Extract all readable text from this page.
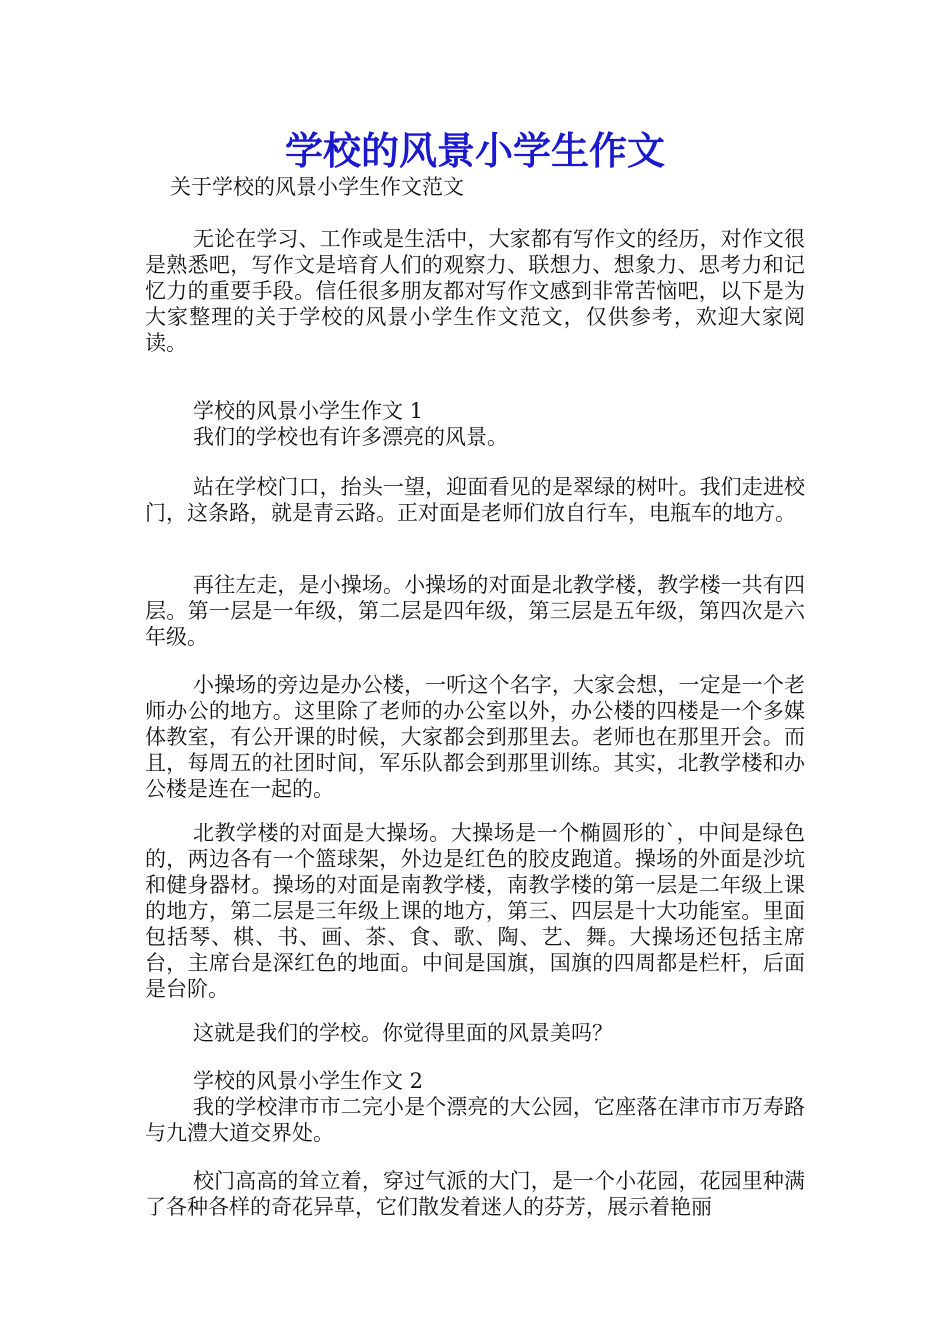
学校的风景小学生作文

关于学校的风景小学生作文范文

无论在学习、工作或是生活中，大家都有写作文的经历，对作文很是熟悉吧，写作文是培育人们的观察力、联想力、想象力、思考力和记忆力的重要手段。信任很多朋友都对写作文感到非常苦恼吧，以下是为大家整理的关于学校的风景小学生作文范文，仅供参考，欢迎大家阅读。

学校的风景小学生作文 1

我们的学校也有许多漂亮的风景。

站在学校门口，抬头一望，迎面看见的是翠绿的树叶。我们走进校门，这条路，就是青云路。正对面是老师们放自行车，电瓶车的地方。

再往左走，是小操场。小操场的对面是北教学楼，教学楼一共有四层。第一层是一年级，第二层是四年级，第三层是五年级，第四次是六年级。

小操场的旁边是办公楼，一听这个名字，大家会想，一定是一个老师办公的地方。这里除了老师的办公室以外，办公楼的四楼是一个多媒体教室，有公开课的时候，大家都会到那里去。老师也在那里开会。而且，每周五的社团时间，军乐队都会到那里训练。其实，北教学楼和办公楼是连在一起的。

北教学楼的对面是大操场。大操场是一个椭圆形的`，中间是绿色的，两边各有一个篮球架，外边是红色的胶皮跑道。操场的外面是沙坑和健身器材。操场的对面是南教学楼，南教学楼的第一层是二年级上课的地方，第二层是三年级上课的地方，第三、四层是十大功能室。里面包括琴、棋、书、画、茶、食、歌、陶、艺、舞。大操场还包括主席台，主席台是深红色的地面。中间是国旗，国旗的四周都是栏杆，后面是台阶。

这就是我们的学校。你觉得里面的风景美吗？

学校的风景小学生作文 2

我的学校津市市二完小是个漂亮的大公园，它座落在津市市万寿路与九澧大道交界处。

校门高高的耸立着，穿过气派的大门，是一个小花园，花园里种满了各种各样的奇花异草，它们散发着迷人的芬芳，展示着艳丽
